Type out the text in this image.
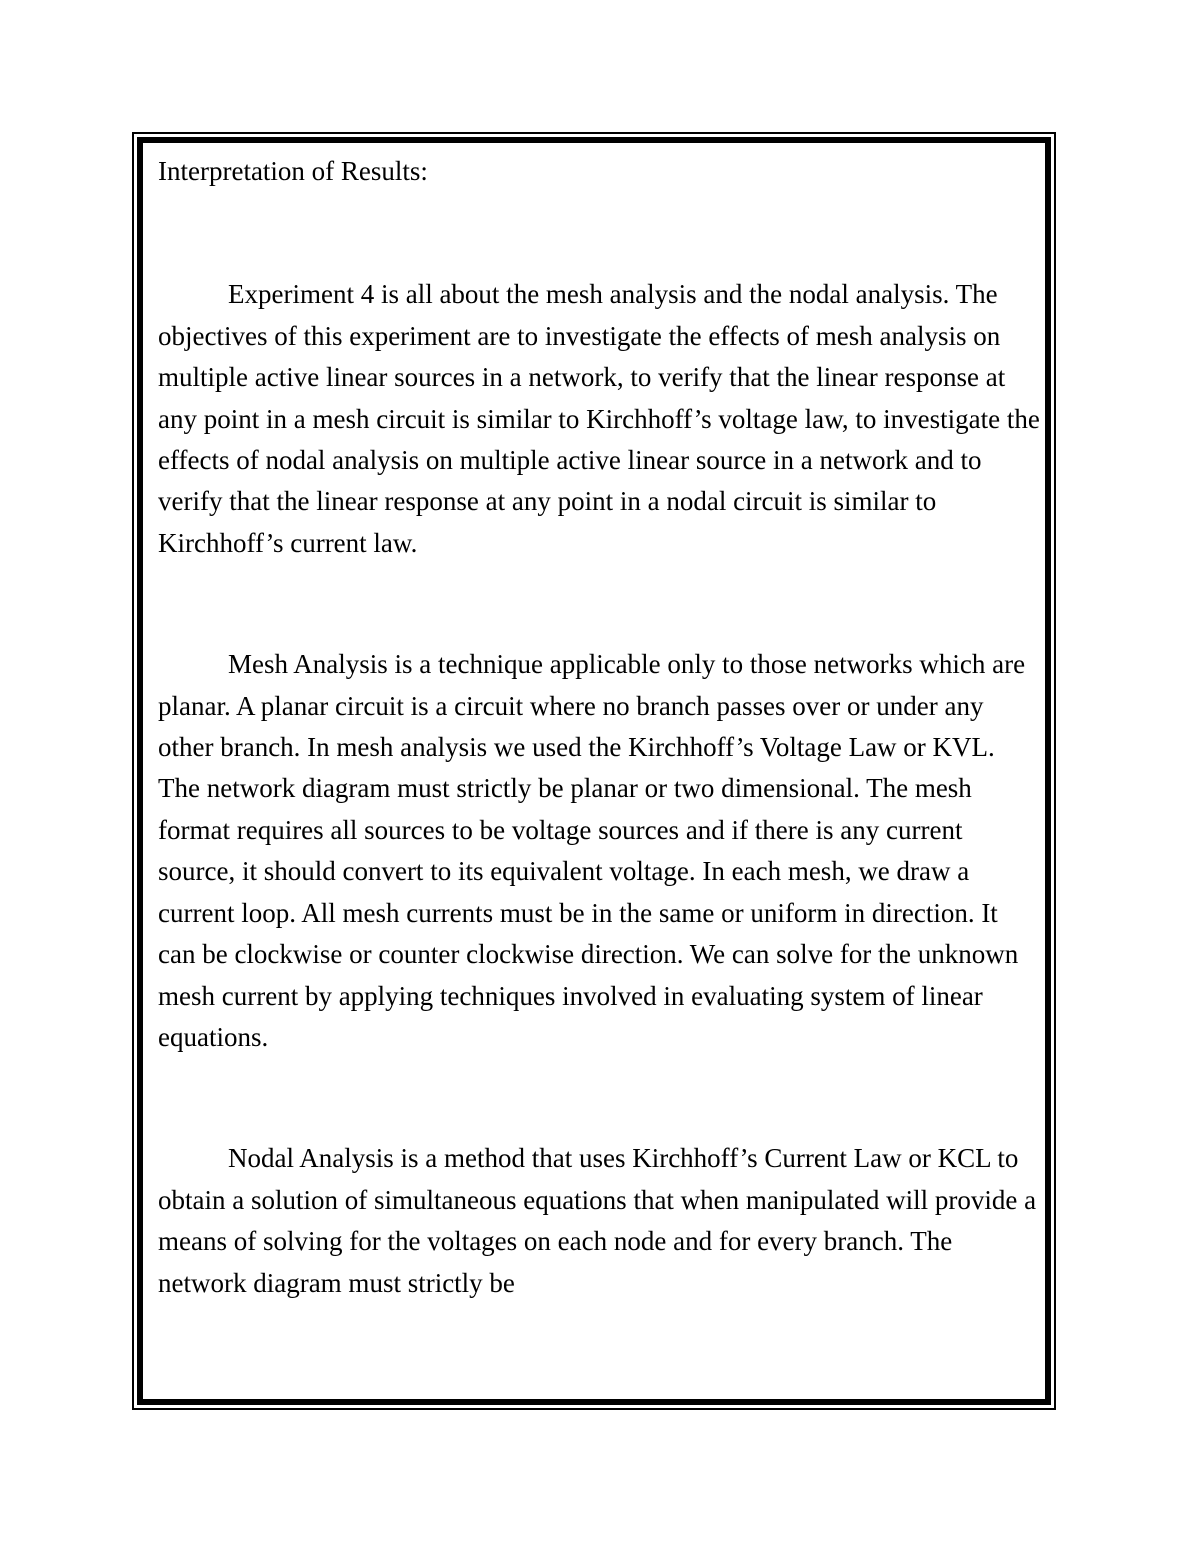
Interpretation of Results:

Experiment 4 is all about the mesh analysis and the nodal analysis. The objectives of this experiment are to investigate the effects of mesh analysis on multiple active linear sources in a network, to verify that the linear response at any point in a mesh circuit is similar to Kirchhoff’s voltage law, to investigate the effects of nodal analysis on multiple active linear source in a network and to verify that the linear response at any point in a nodal circuit is similar to Kirchhoff’s current law.

Mesh Analysis is a technique applicable only to those networks which are planar. A planar circuit is a circuit where no branch passes over or under any other branch. In mesh analysis we used the Kirchhoff’s Voltage Law or KVL. The network diagram must strictly be planar or two dimensional. The mesh format requires all sources to be voltage sources and if there is any current source, it should convert to its equivalent voltage. In each mesh, we draw a current loop. All mesh currents must be in the same or uniform in direction. It can be clockwise or counter clockwise direction. We can solve for the unknown mesh current by applying techniques involved in evaluating system of linear equations.

Nodal Analysis is a method that uses Kirchhoff’s Current Law or KCL to obtain a solution of simultaneous equations that when manipulated will provide a means of solving for the voltages on each node and for every branch. The network diagram must strictly be
